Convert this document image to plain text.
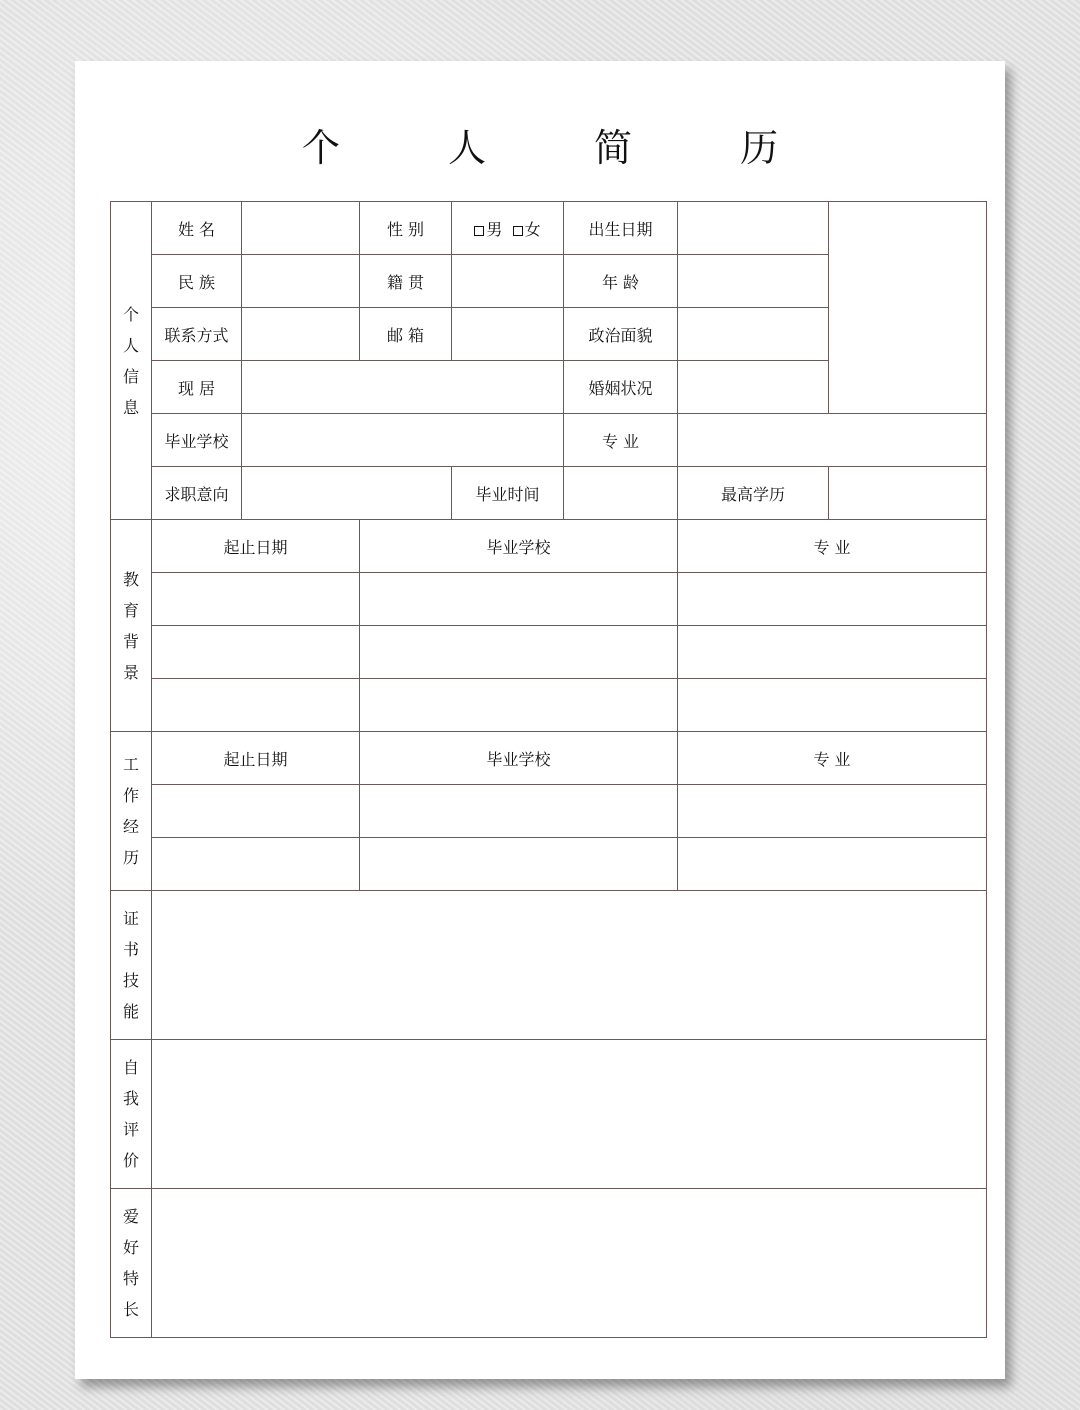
个 人 简 历
个
人
信
息	姓 名		性 别	男 女	出生日期		
	民 族		籍 贯		年 龄		
	联系方式		邮 箱		政治面貌		
	现 居				婚姻状况		
	毕业学校				专 业		
	求职意向			毕业时间		最高学历	

教
育
背
景	起止日期		毕业学校			专 业	

工
作
经
历	起止日期		毕业学校			专 业	

证
书
技
能							

自
我
评
价							

爱
好
特
长							
